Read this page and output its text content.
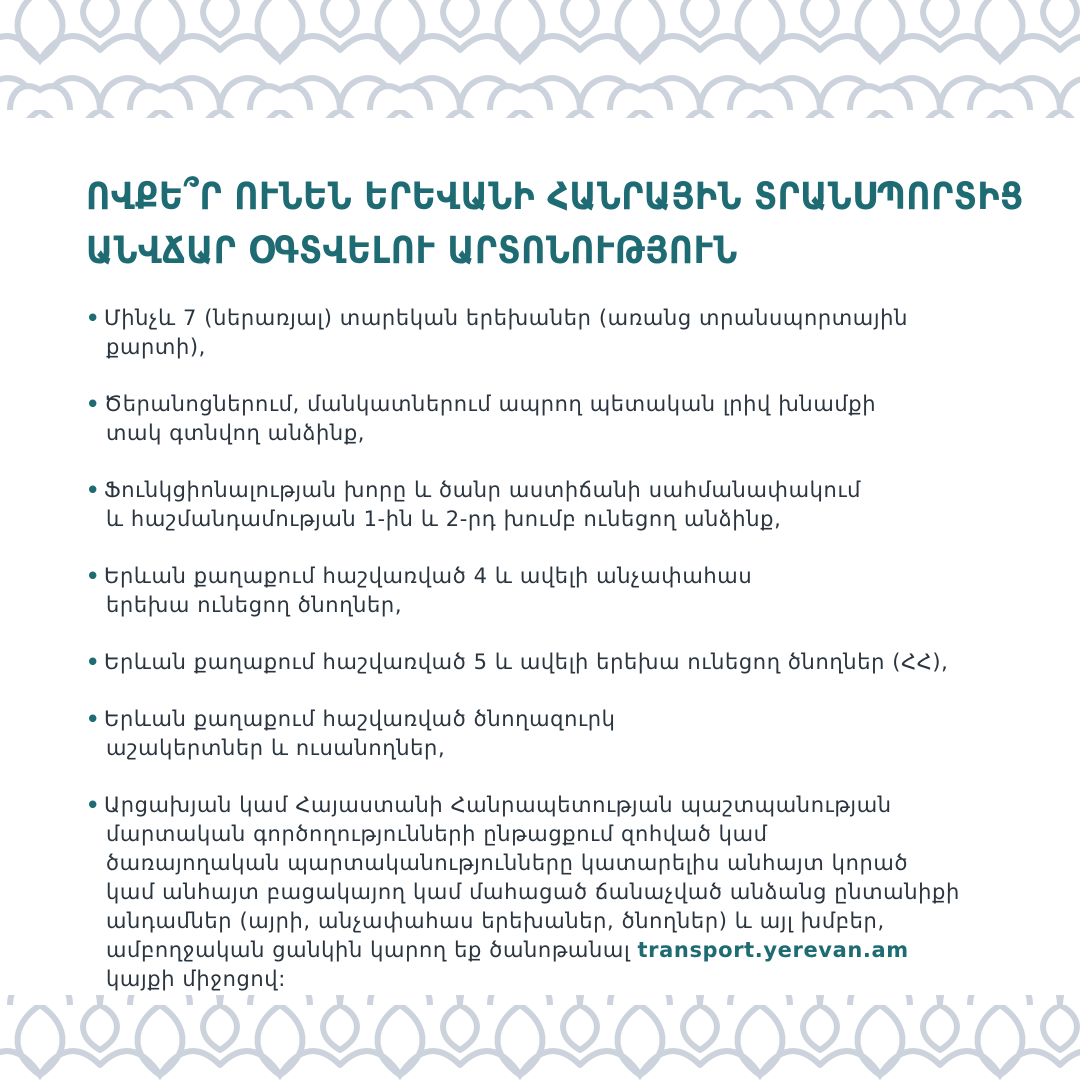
ՈՎՔԵ՞Ր ՈՒՆԵՆ ԵՐԵՎԱՆԻ ՀԱՆՐԱՅԻՆ ՏՐԱՆՍՊՈՐՏԻՑ
ԱՆՎՃԱՐ ՕԳՏՎԵԼՈՒ ԱՐՏՈՆՈՒԹՅՈՒՆ
• Մինչև 7 (ներառյալ) տարեկան երեխաներ (առանց տրանսպորտային
քարտի),
• Ծերանոցներում, մանկատներում ապրող պետական լրիվ խնամքի
տակ գտնվող անձինք,
• Ֆունկցիոնալության խորը և ծանր աստիճանի սահմանափակում
և հաշմանդամության 1-ին և 2-րդ խումբ ունեցող անձինք,
• Երևան քաղաքում հաշվառված 4 և ավելի անչափահաս
երեխա ունեցող ծնողներ,
• Երևան քաղաքում հաշվառված 5 և ավելի երեխա ունեցող ծնողներ (ՀՀ),
• Երևան քաղաքում հաշվառված ծնողազուրկ
աշակերտներ և ուսանողներ,
• Արցախյան կամ Հայաստանի Հանրապետության պաշտպանության
մարտական գործողությունների ընթացքում զոհված կամ
ծառայողական պարտականությունները կատարելիս անհայտ կորած
կամ անհայտ բացակայող կամ մահացած ճանաչված անձանց ընտանիքի
անդամներ (այրի, անչափահաս երեխաներ, ծնողներ) և այլ խմբեր,
ամբողջական ցանկին կարող եք ծանոթանալ transport.yerevan.am
կայքի միջոցով:
